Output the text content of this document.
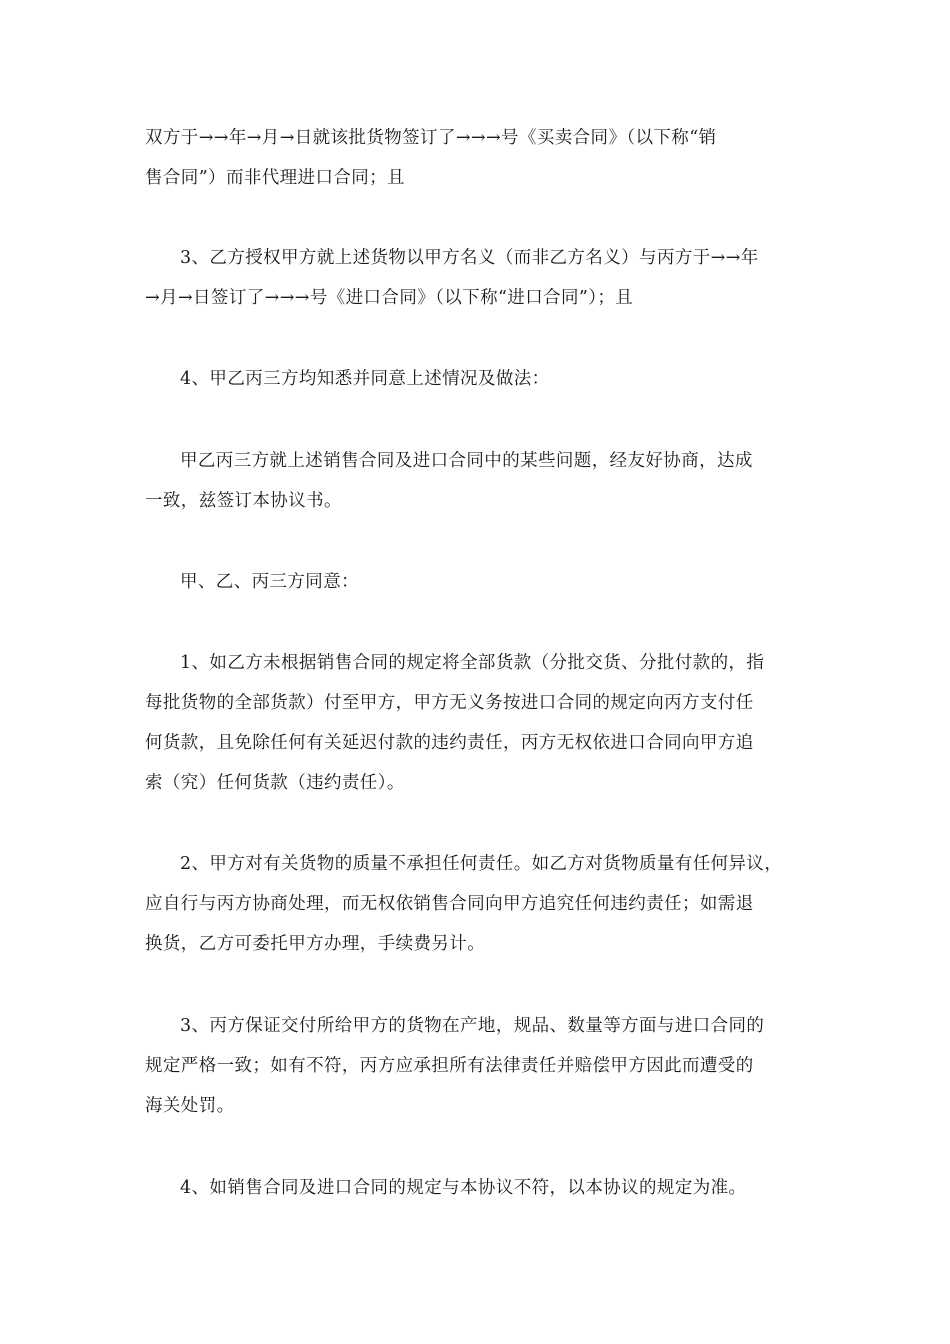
双方于→→年→月→日就该批货物签订了→→→号《买卖合同》（以下称“销
售合同”）而非代理进口合同；且
3、乙方授权甲方就上述货物以甲方名义（而非乙方名义）与丙方于→→年
→月→日签订了→→→号《进口合同》（以下称“进口合同”）；且
4、甲乙丙三方均知悉并同意上述情况及做法：
甲乙丙三方就上述销售合同及进口合同中的某些问题，经友好协商，达成
一致，兹签订本协议书。
甲、乙、丙三方同意：
1、如乙方未根据销售合同的规定将全部货款（分批交货、分批付款的，指
每批货物的全部货款）付至甲方，甲方无义务按进口合同的规定向丙方支付任
何货款，且免除任何有关延迟付款的违约责任，丙方无权依进口合同向甲方追
索（究）任何货款（违约责任）。
2、甲方对有关货物的质量不承担任何责任。如乙方对货物质量有任何异议，
应自行与丙方协商处理，而无权依销售合同向甲方追究任何违约责任；如需退
换货，乙方可委托甲方办理，手续费另计。
3、丙方保证交付所给甲方的货物在产地，规品、数量等方面与进口合同的
规定严格一致；如有不符，丙方应承担所有法律责任并赔偿甲方因此而遭受的
海关处罚。
4、如销售合同及进口合同的规定与本协议不符，以本协议的规定为准。
